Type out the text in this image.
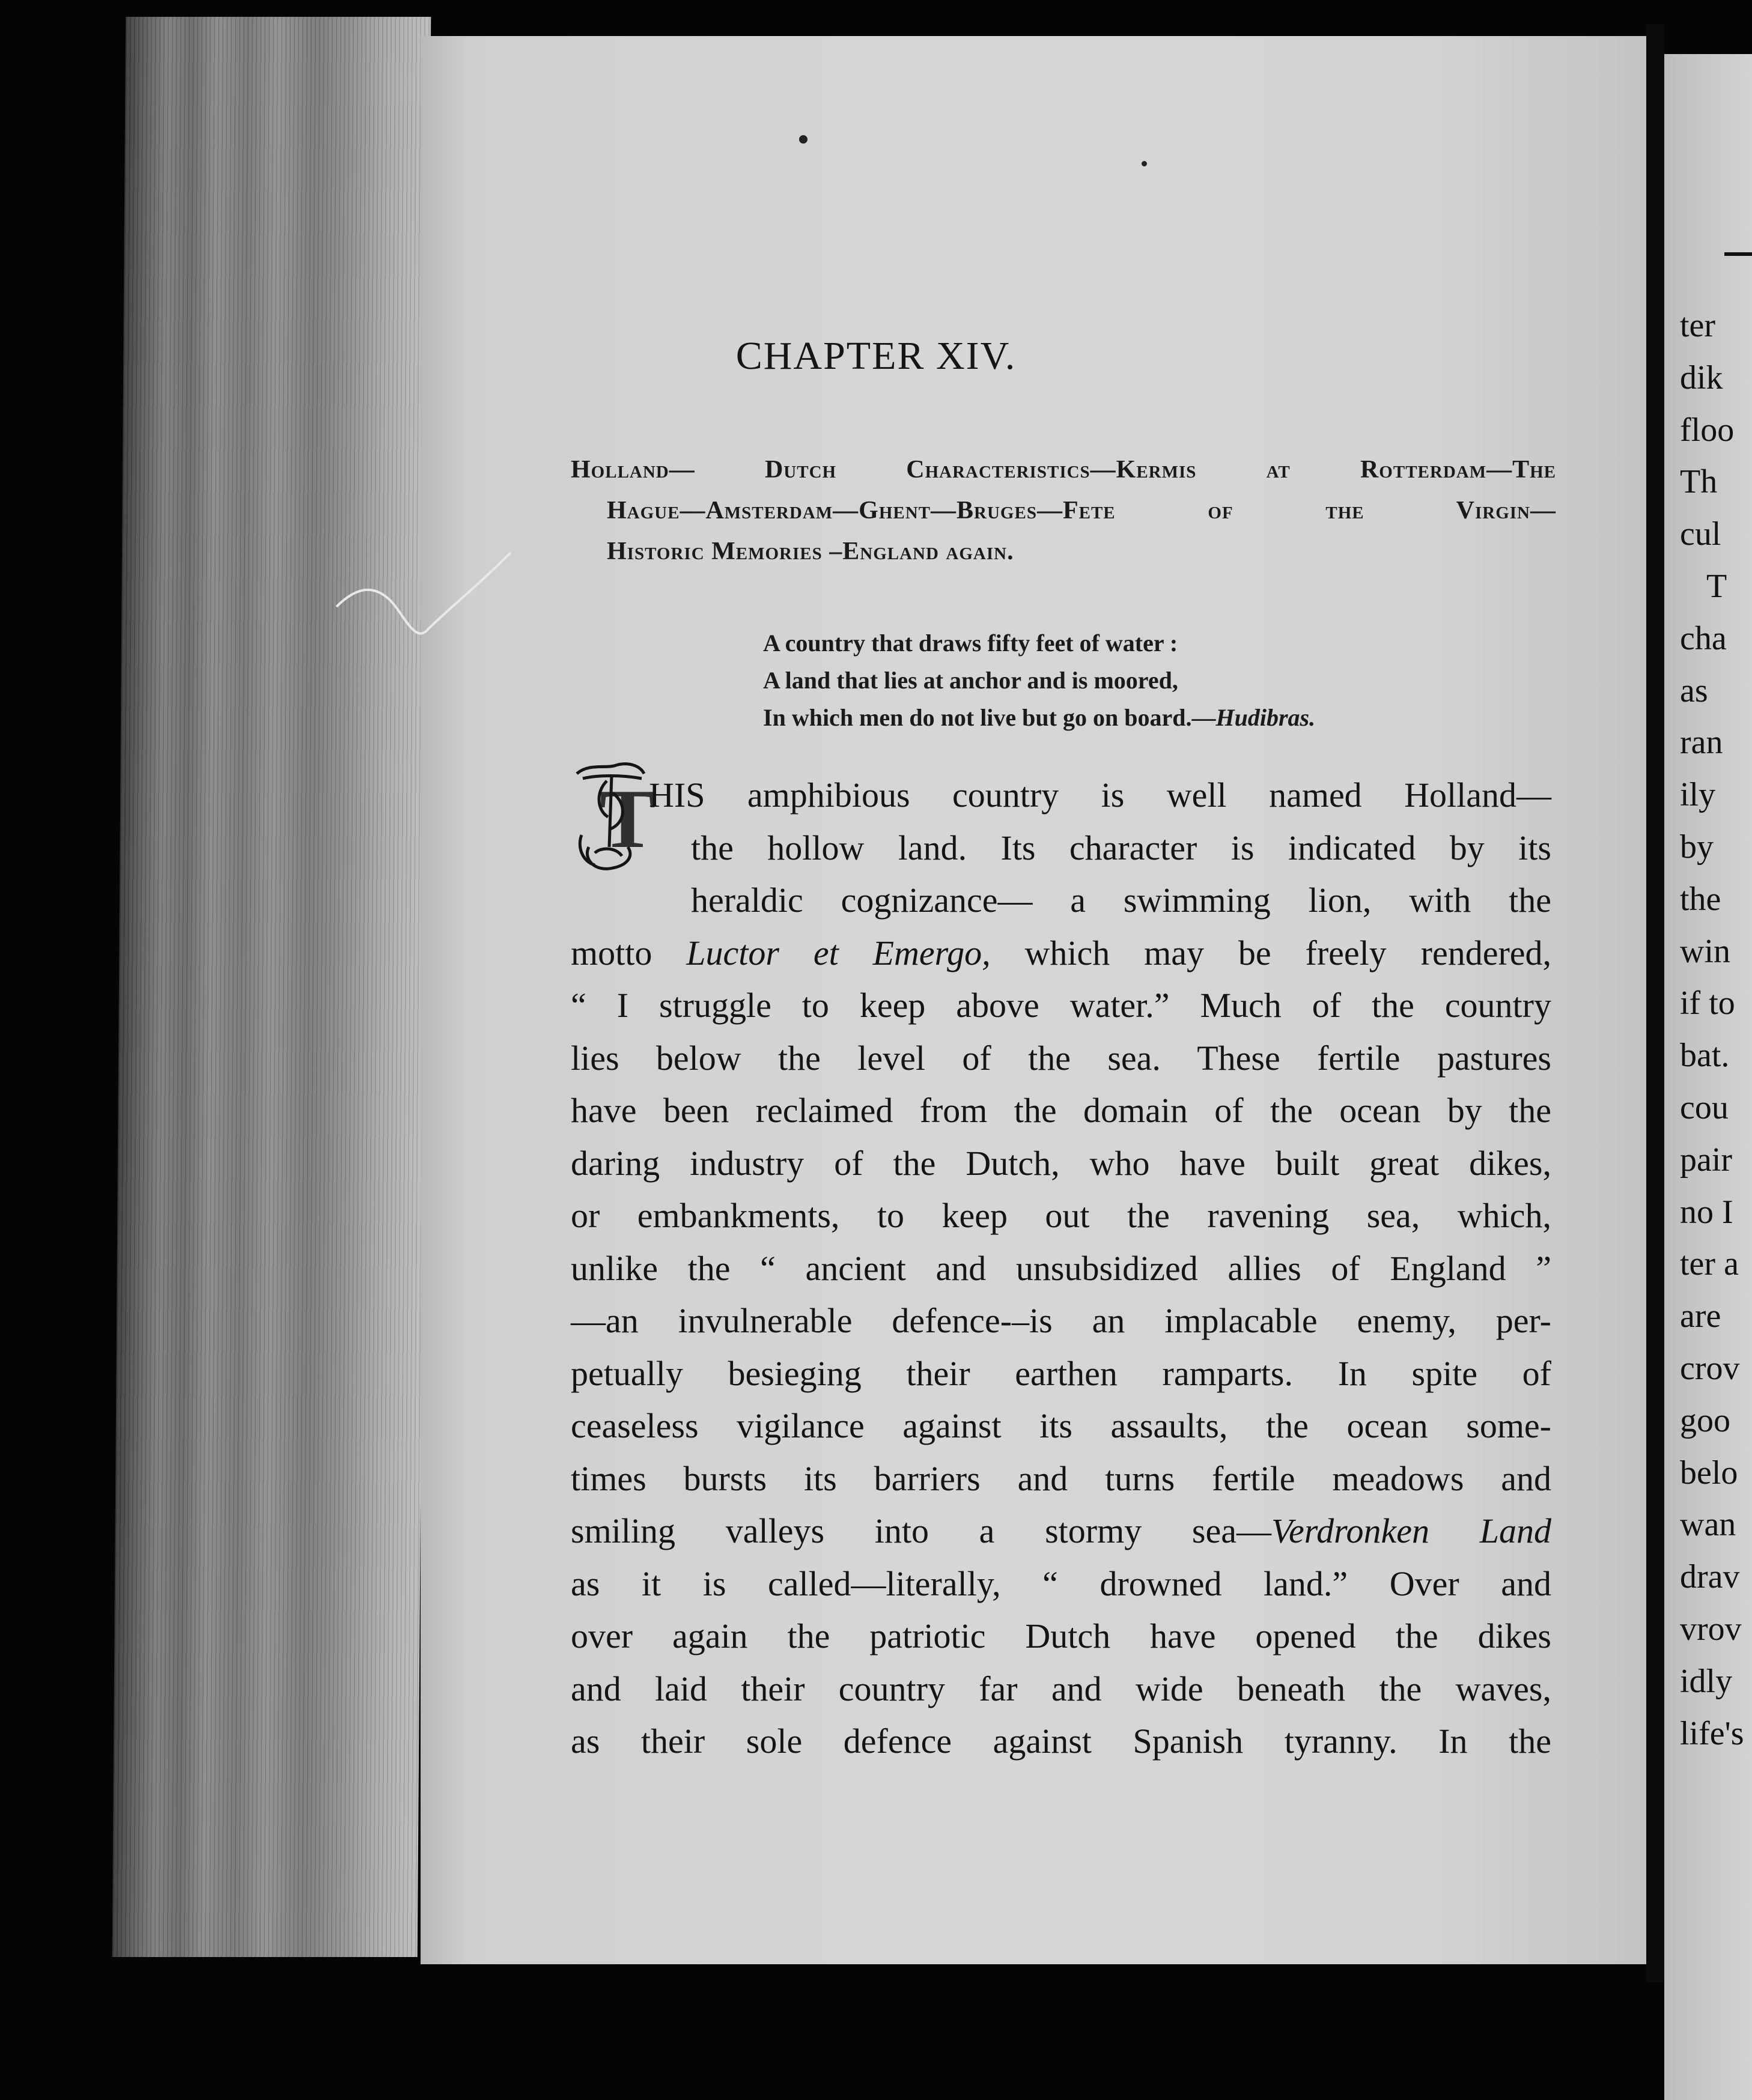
ter
dik
floo
Th
cul
T
cha
as
ran
ily
by
the
win
if to
bat.
cou
pair
no I
ter a
are
crov
goo
belo
wan
drav
vrov
idly
life's
CHAPTER XIV.
Holland— Dutch Characteristics—Kermis at Rotterdam—The
Hague—Amsterdam—Ghent—Bruges—Fete of the Virgin—
Historic Memories –England again.
A country that draws fifty feet of water :
A land that lies at anchor and is moored,
In which men do not live but go on board.—Hudibras.
T
HIS amphibious country is well named Holland—
the hollow land. Its character is indicated by its
heraldic cognizance— a swimming lion, with the
motto Luctor et Emergo, which may be freely rendered,
“ I struggle to keep above water.” Much of the country
lies below the level of the sea. These fertile pastures
have been reclaimed from the domain of the ocean by the
daring industry of the Dutch, who have built great dikes,
or embankments, to keep out the ravening sea, which,
unlike the “ ancient and unsubsidized allies of England ”
—an invulnerable defence-–is an implacable enemy, per-
petually besieging their earthen ramparts. In spite of
ceaseless vigilance against its assaults, the ocean some-
times bursts its barriers and turns fertile meadows and
smiling valleys into a stormy sea—Verdronken Land
as it is called—literally, “ drowned land.” Over and
over again the patriotic Dutch have opened the dikes
and laid their country far and wide beneath the waves,
as their sole defence against Spanish tyranny. In the
